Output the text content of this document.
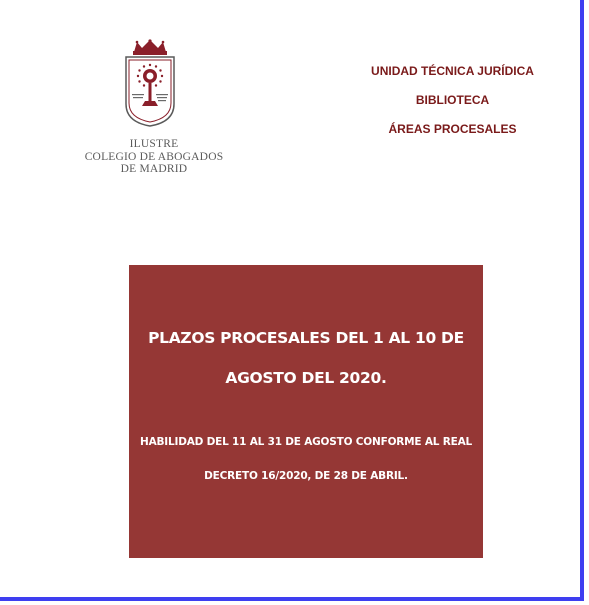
ILUSTRE
COLEGIO DE ABOGADOS
DE MADRID
UNIDAD TÉCNICA JURÍDICA
BIBLIOTECA
ÁREAS PROCESALES
PLAZOS PROCESALES DEL 1 AL 10 DE
AGOSTO DEL 2020.
HABILIDAD DEL 11 AL 31 DE AGOSTO CONFORME AL REAL
DECRETO 16/2020, DE 28 DE ABRIL.
